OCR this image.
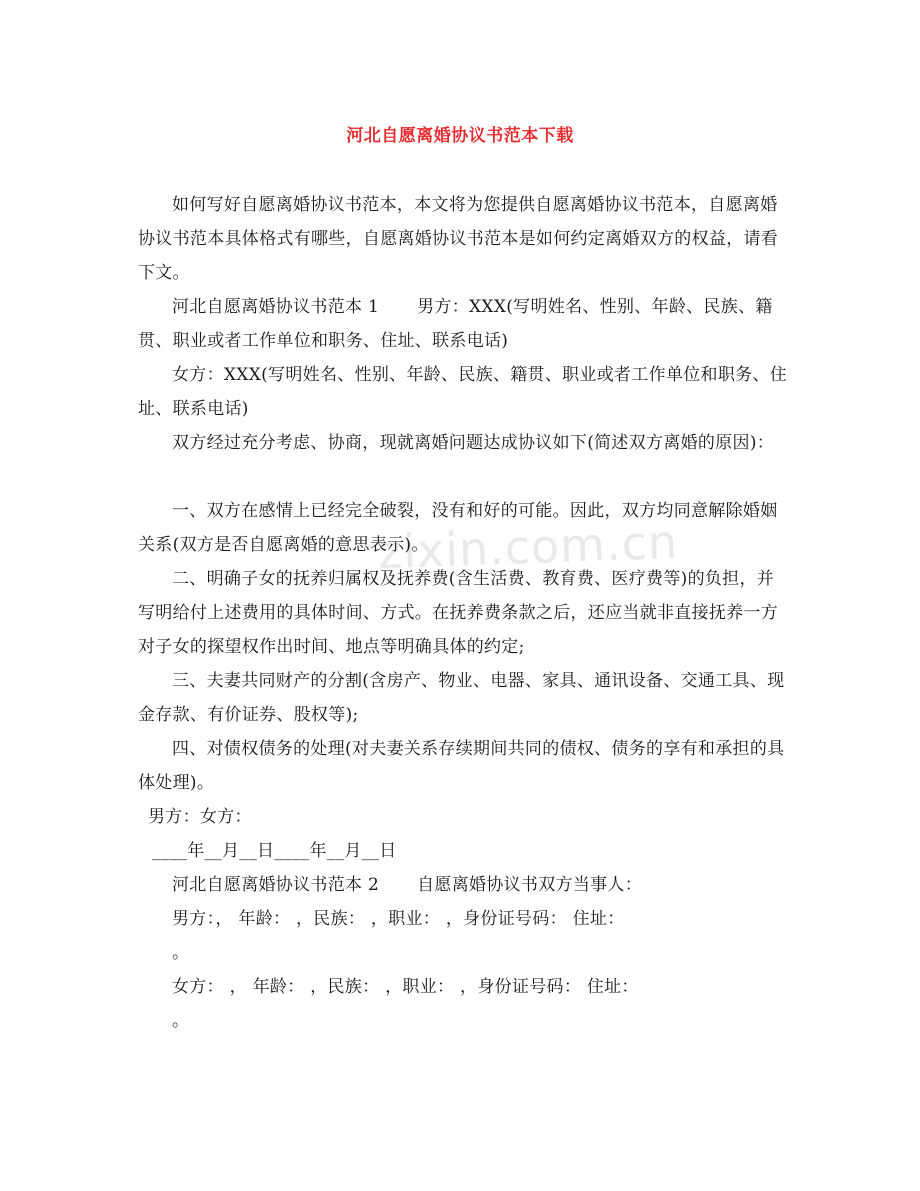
zixin.com.cn
河北自愿离婚协议书范本下载
如何写好自愿离婚协议书范本，本文将为您提供自愿离婚协议书范本，自愿离婚协议书范本具体格式有哪些，自愿离婚协议书范本是如何约定离婚双方的权益，请看下文。
河北自愿离婚协议书范本 1 男方：XXX(写明姓名、性别、年龄、民族、籍贯、职业或者工作单位和职务、住址、联系电话)
女方：XXX(写明姓名、性别、年龄、民族、籍贯、职业或者工作单位和职务、住址、联系电话)
双方经过充分考虑、协商，现就离婚问题达成协议如下(简述双方离婚的原因)：
一、双方在感情上已经完全破裂，没有和好的可能。因此，双方均同意解除婚姻关系(双方是否自愿离婚的意思表示)。
二、明确子女的抚养归属权及抚养费(含生活费、教育费、医疗费等)的负担，并写明给付上述费用的具体时间、方式。在抚养费条款之后，还应当就非直接抚养一方对子女的探望权作出时间、地点等明确具体的约定;
三、夫妻共同财产的分割(含房产、物业、电器、家具、通讯设备、交通工具、现金存款、有价证券、股权等);
四、对债权债务的处理(对夫妻关系存续期间共同的债权、债务的享有和承担的具体处理)。
男方：女方：
____年__月__日____年__月__日
河北自愿离婚协议书范本 2 自愿离婚协议书双方当事人：
男方：， 年龄： ，民族： ，职业： ，身份证号码： 住址：
。
女方： ， 年龄： ，民族： ，职业： ，身份证号码： 住址：
。
